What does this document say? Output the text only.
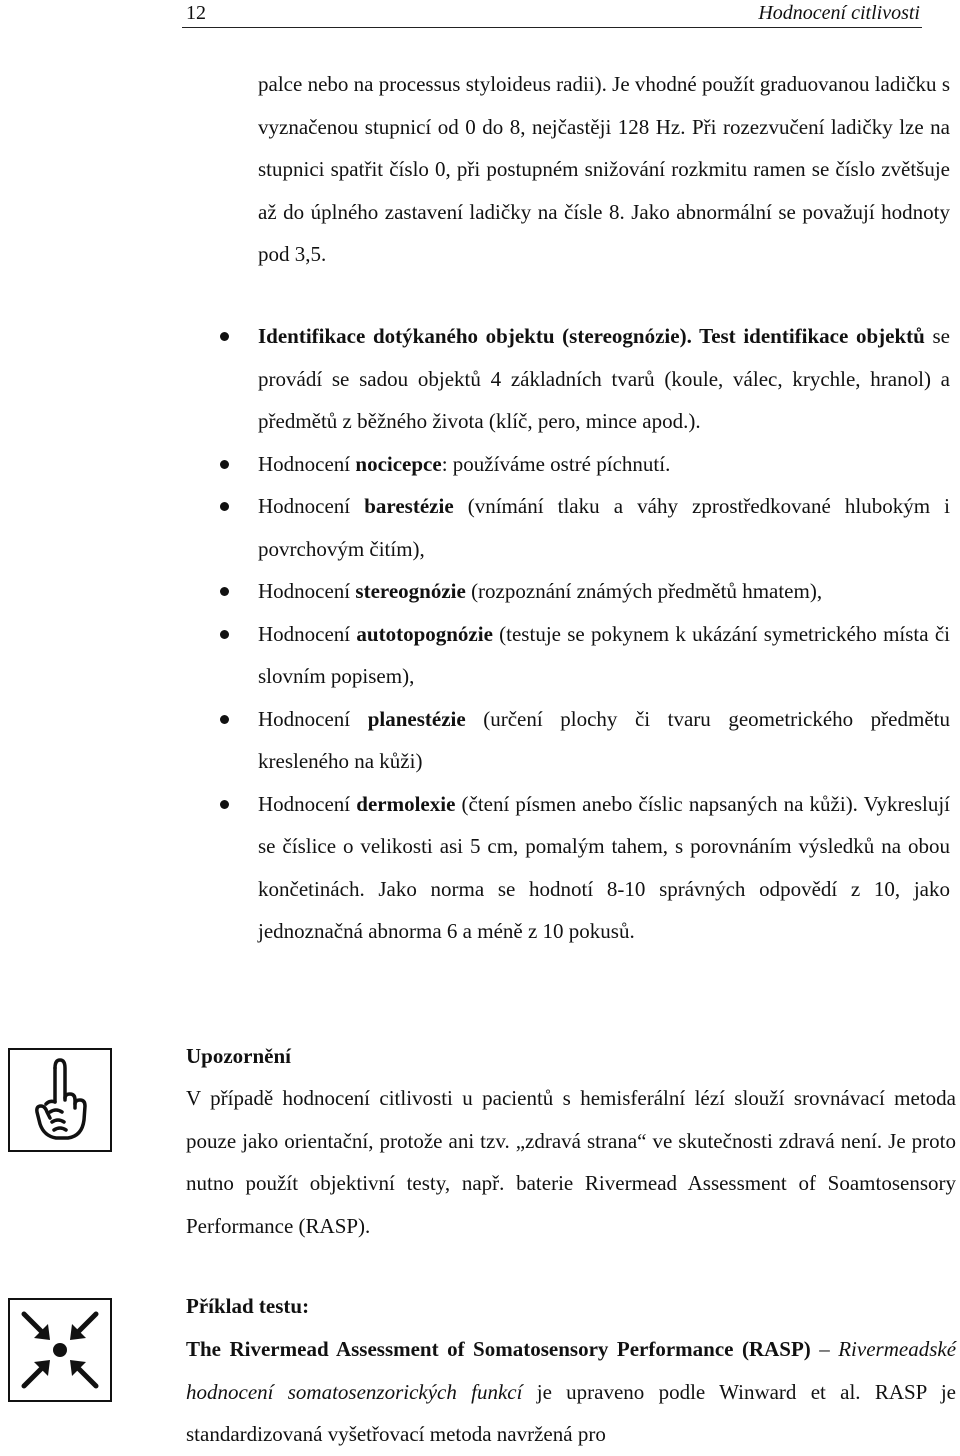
12	Hodnocení citlivosti

palce nebo na processus styloideus radii). Je vhodné použít graduovanou ladičku s vyznačenou stupnicí od 0 do 8, nejčastěji 128 Hz. Při rozezvučení ladičky lze na stupnici spatřit číslo 0, při postupném snižování rozkmitu ramen se číslo zvětšuje až do úplného zastavení ladičky na čísle 8. Jako abnormální se považují hodnoty pod 3,5.

Identifikace dotýkaného objektu (stereognózie). Test identifikace objektů se provádí se sadou objektů 4 základních tvarů (koule, válec, krychle, hranol) a předmětů z běžného života (klíč, pero, mince apod.).
Hodnocení nocicepce: používáme ostré píchnutí.
Hodnocení barestézie (vnímání tlaku a váhy zprostředkované hlubokým i povrchovým čitím),
Hodnocení stereognózie (rozpoznání známých předmětů hmatem),
Hodnocení autotopognózie (testuje se pokynem k ukázání symetrického místa či slovním popisem),
Hodnocení planestézie (určení plochy či tvaru geometrického předmětu kresleného na kůži)
Hodnocení dermolexie (čtení písmen anebo číslic napsaných na kůži). Vykreslují se číslice o velikosti asi 5 cm, pomalým tahem, s porovnáním výsledků na obou končetinách. Jako norma se hodnotí 8-10 správných odpovědí z 10, jako jednoznačná abnorma 6 a méně z 10 pokusů.
Upozornění

V případě hodnocení citlivosti u pacientů s hemisferální lézí slouží srovnávací metoda pouze jako orientační, protože ani tzv. „zdravá strana“ ve skutečnosti zdravá není. Je proto nutno použít objektivní testy, např. baterie Rivermead Assessment of Soamtosensory Performance (RASP).

Příklad testu:

The Rivermead Assessment of Somatosensory Performance (RASP) – Rivermeadské hodnocení somatosenzorických funkcí je upraveno podle Winward et al. RASP je standardizovaná vyšetřovací metoda navržená pro
